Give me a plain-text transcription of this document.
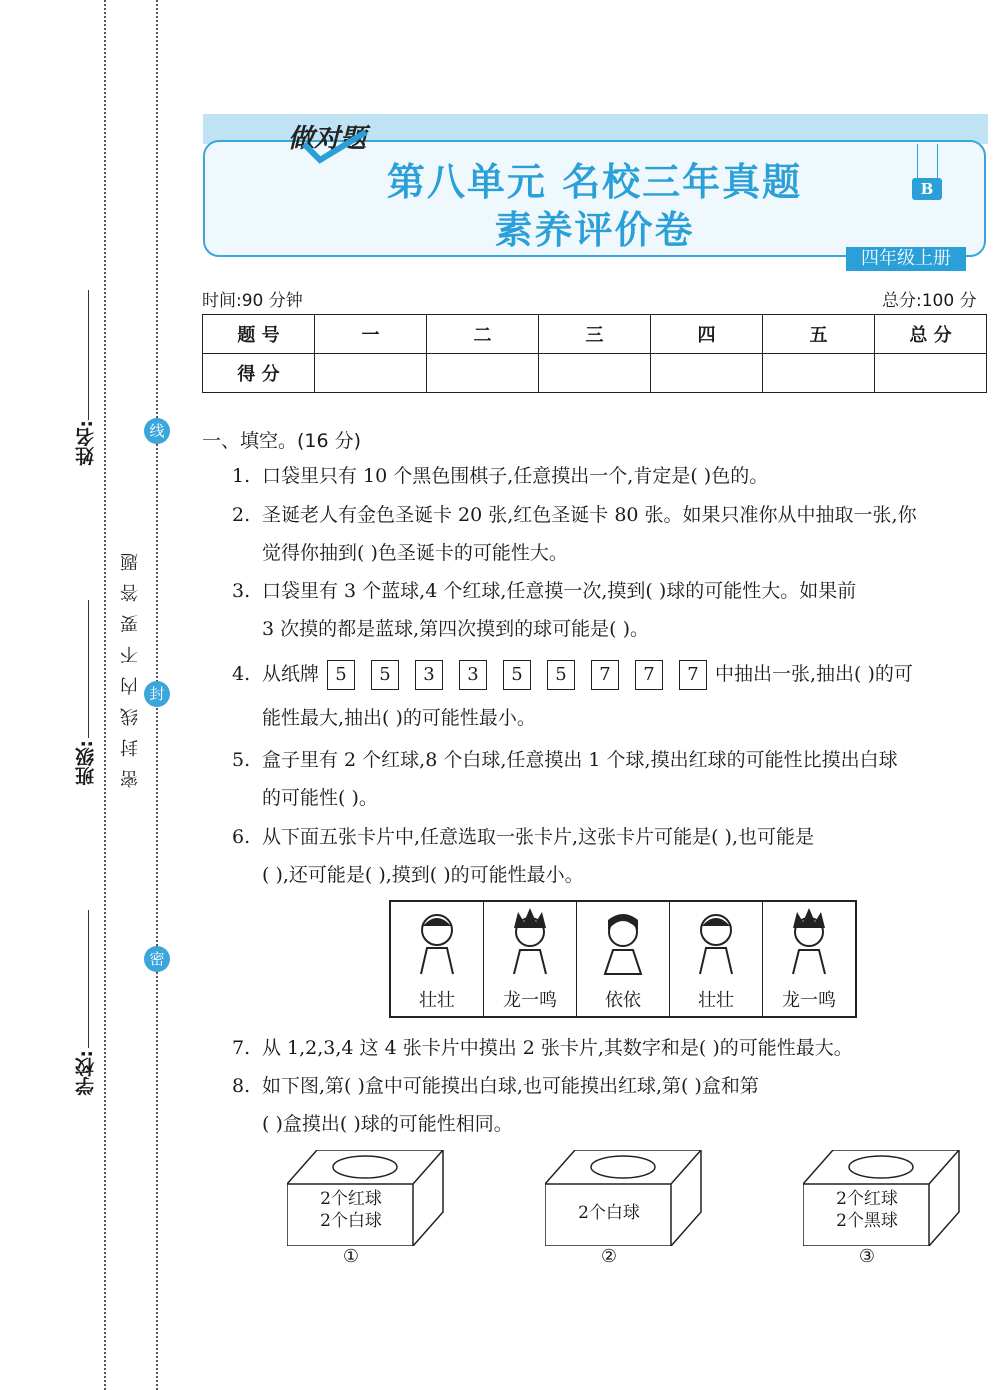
姓名:
班级:
学校:
密封线内不要答题
线
封
密
做对题
第八单元 名校三年真题
素养评价卷
B
四年级上册
时间:90 分钟	总分:100 分
题 号	一	二	三	四	五	总 分
得 分						
一、填空。(16 分)
1. 口袋里只有 10 个黑色围棋子,任意摸出一个,肯定是( )色的。
2. 圣诞老人有金色圣诞卡 20 张,红色圣诞卡 80 张。如果只准你从中抽取一张,你
觉得你抽到( )色圣诞卡的可能性大。
3. 口袋里有 3 个蓝球,4 个红球,任意摸一次,摸到( )球的可能性大。如果前
3 次摸的都是蓝球,第四次摸到的球可能是( )。
4. 从纸牌 5 5 3 3 5 5 7 7 7 中抽出一张,抽出( )的可
能性最大,抽出( )的可能性最小。
5. 盒子里有 2 个红球,8 个白球,任意摸出 1 个球,摸出红球的可能性比摸出白球
的可能性( )。
6. 从下面五张卡片中,任意选取一张卡片,这张卡片可能是( ),也可能是
( ),还可能是( ),摸到( )的可能性最小。
壮壮	龙一鸣	依依	壮壮	龙一鸣
7. 从 1,2,3,4 这 4 张卡片中摸出 2 张卡片,其数字和是( )的可能性最大。
8. 如下图,第( )盒中可能摸出白球,也可能摸出红球,第( )盒和第
( )盒摸出( )球的可能性相同。
2个红球
2个白球
①
2个白球
②
2个红球
2个黑球
③
